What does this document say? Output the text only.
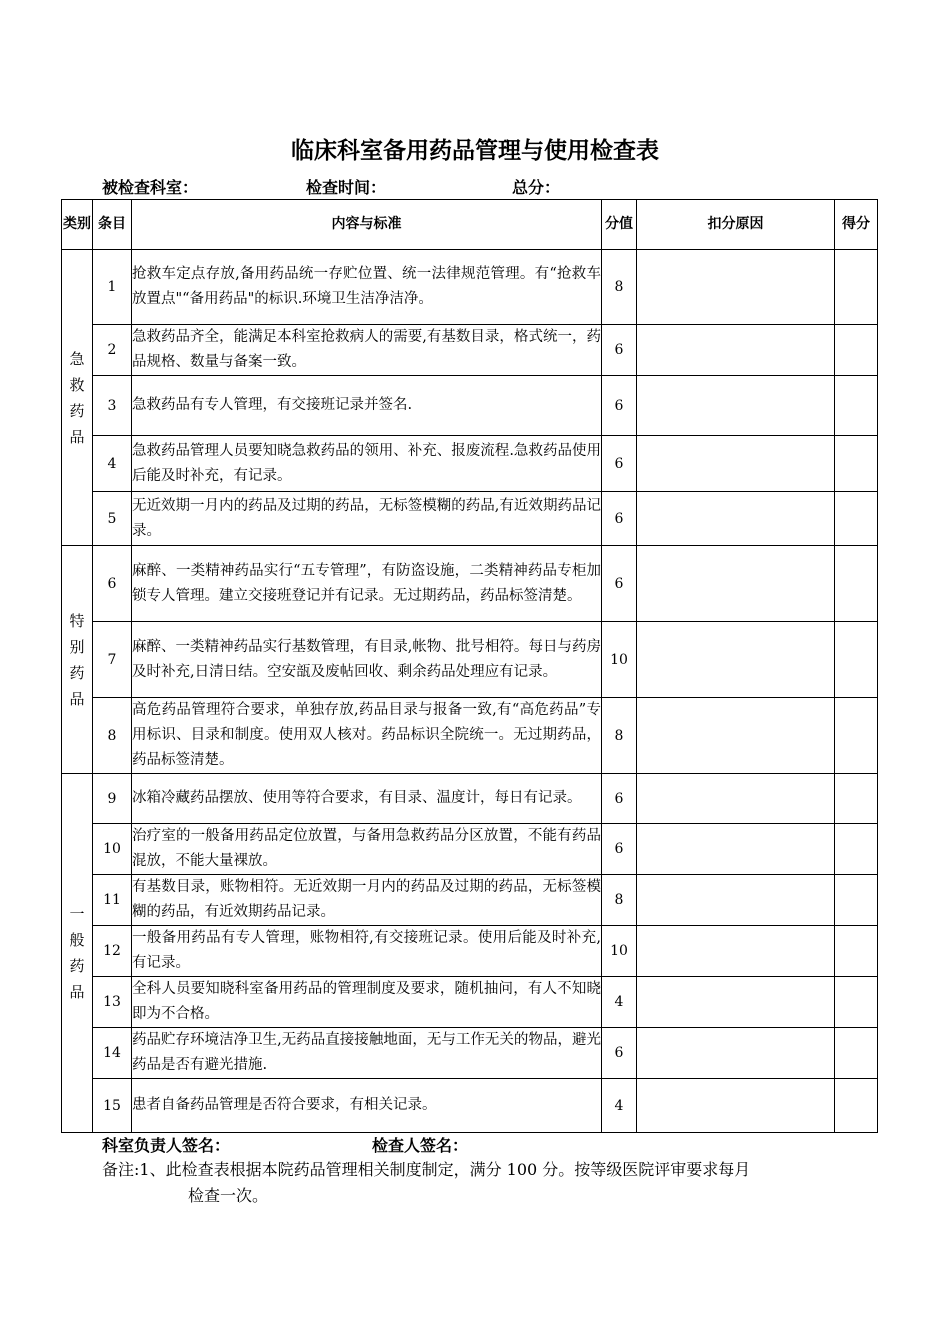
临床科室备用药品管理与使用检查表
被检查科室：	检查时间：	总分：
类别	条目	内容与标准	分值	扣分原因	得分

急救药品	1	抢救车定点存放,备用药品统一存贮位置、统一法律规范管理。有“抢救车放置点"“备用药品"的标识.环境卫生洁净洁净。	8		
	2	急救药品齐全，能满足本科室抢救病人的需要,有基数目录，格式统一，药品规格、数量与备案一致。	6		
	3	急救药品有专人管理，有交接班记录并签名.	6		
	4	急救药品管理人员要知晓急救药品的领用、补充、报废流程.急救药品使用后能及时补充，有记录。	6		
	5	无近效期一月内的药品及过期的药品，无标签模糊的药品,有近效期药品记录。	6		

特别药品	6	麻醉、一类精神药品实行“五专管理”，有防盗设施，二类精神药品专柜加锁专人管理。建立交接班登记并有记录。无过期药品，药品标签清楚。	6		
	7	麻醉、一类精神药品实行基数管理，有目录,帐物、批号相符。每日与药房及时补充,日清日结。空安瓿及废帖回收、剩余药品处理应有记录。	10		
	8	高危药品管理符合要求，单独存放,药品目录与报备一致,有“高危药品”专用标识、目录和制度。使用双人核对。药品标识全院统一。无过期药品，药品标签清楚。	8		

一般药品	9	冰箱冷藏药品摆放、使用等符合要求，有目录、温度计，每日有记录。	6		
	10	治疗室的一般备用药品定位放置，与备用急救药品分区放置，不能有药品混放，不能大量裸放。	6		
	11	有基数目录，账物相符。无近效期一月内的药品及过期的药品，无标签模糊的药品，有近效期药品记录。	8		
	12	一般备用药品有专人管理，账物相符,有交接班记录。使用后能及时补充,有记录。	10		
	13	全科人员要知晓科室备用药品的管理制度及要求，随机抽问，有人不知晓即为不合格。	4		
	14	药品贮存环境洁净卫生,无药品直接接触地面，无与工作无关的物品，避光药品是否有避光措施.	6		
	15	患者自备药品管理是否符合要求，有相关记录。	4		
科室负责人签名：	检查人签名：
备注:1、此检查表根据本院药品管理相关制度制定，满分 100 分。按等级医院评审要求每月
检查一次。
